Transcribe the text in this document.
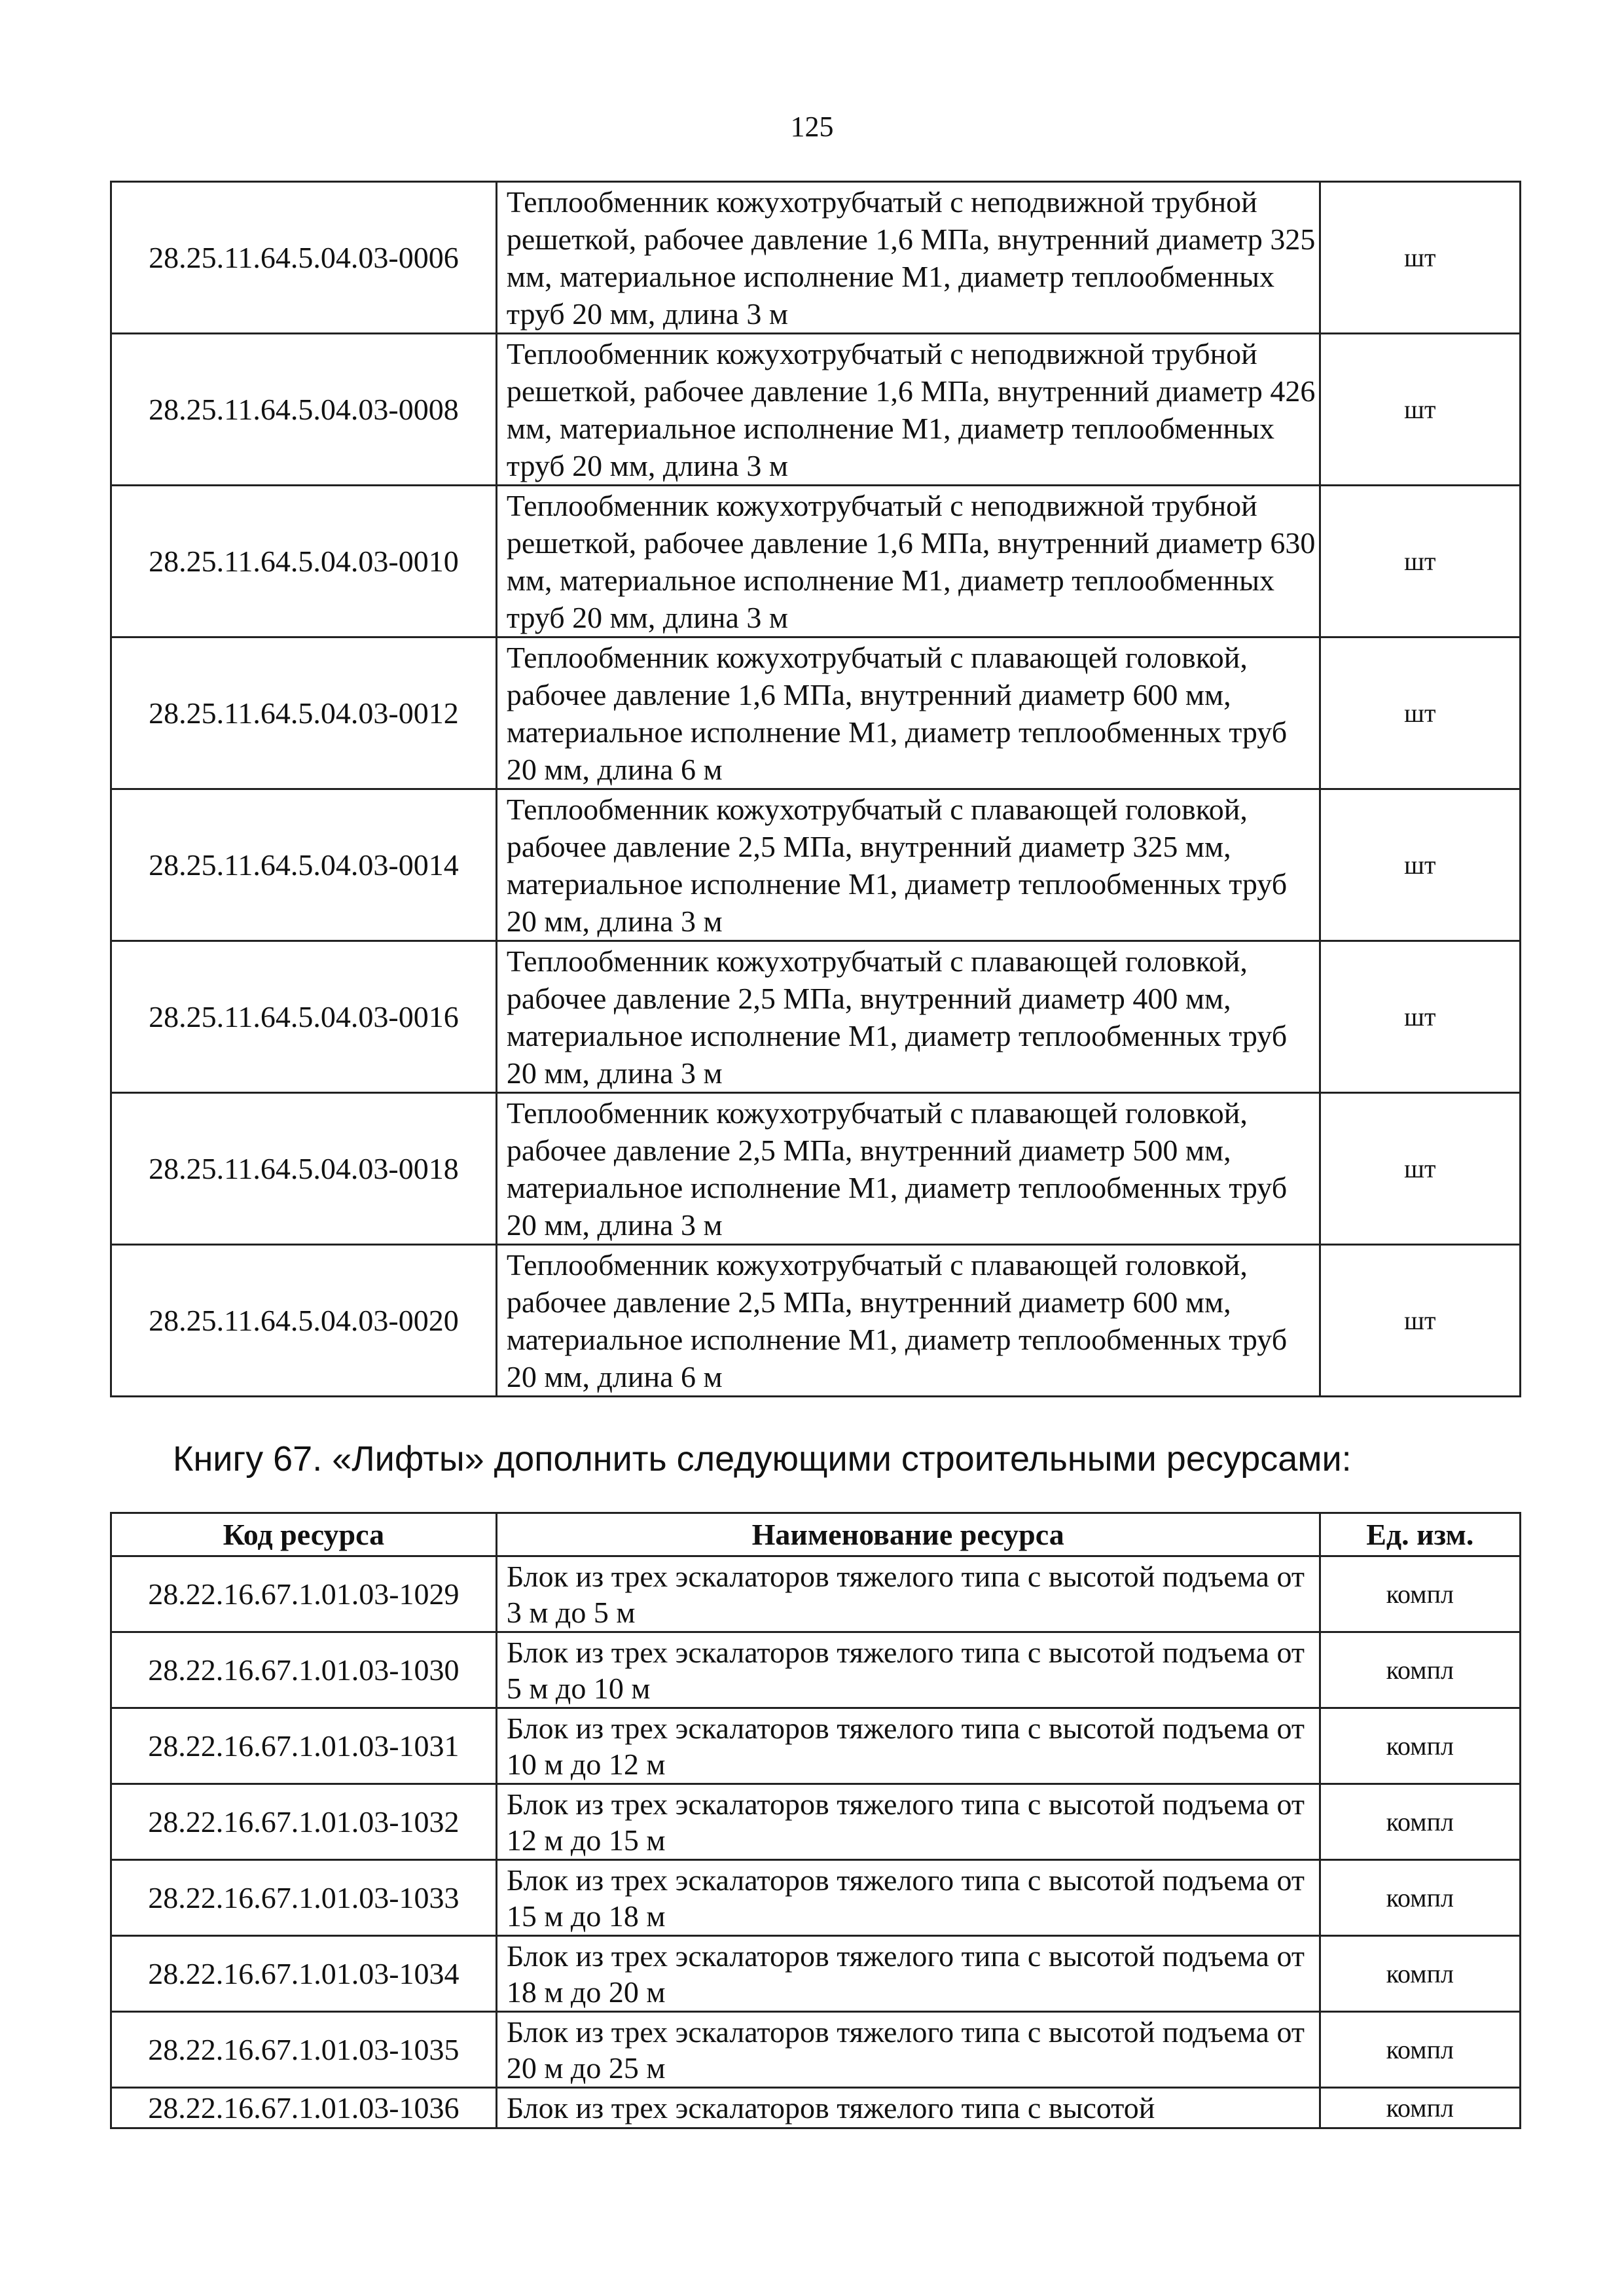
125
28.25.11.64.5.04.03-0006	Теплообменник кожухотрубчатый с неподвижной трубной решеткой, рабочее давление 1,6 МПа, внутренний диаметр 325 мм, материальное исполнение М1, диаметр теплообменных труб 20 мм, длина 3 м	шт
28.25.11.64.5.04.03-0008	Теплообменник кожухотрубчатый с неподвижной трубной решеткой, рабочее давление 1,6 МПа, внутренний диаметр 426 мм, материальное исполнение М1, диаметр теплообменных труб 20 мм, длина 3 м	шт
28.25.11.64.5.04.03-0010	Теплообменник кожухотрубчатый с неподвижной трубной решеткой, рабочее давление 1,6 МПа, внутренний диаметр 630 мм, материальное исполнение М1, диаметр теплообменных труб 20 мм, длина 3 м	шт
28.25.11.64.5.04.03-0012	Теплообменник кожухотрубчатый с плавающей головкой, рабочее давлениe 1,6 МПа, внутренний диаметр 600 мм, материальное исполнение М1, диаметр теплообменных труб 20 мм, длина 6 м	шт
28.25.11.64.5.04.03-0014	Теплообменник кожухотрубчатый с плавающей головкой, рабочее давление 2,5 МПа, внутренний диаметр 325 мм, материальное исполнение М1, диаметр теплообменных труб 20 мм, длина 3 м	шт
28.25.11.64.5.04.03-0016	Теплообменник кожухотрубчатый с плавающей головкой, рабочее давление 2,5 МПа, внутренний диаметр 400 мм, материальное исполнение М1, диаметр теплообменных труб 20 мм, длина 3 м	шт
28.25.11.64.5.04.03-0018	Теплообменник кожухотрубчатый с плавающей головкой, рабочее давление 2,5 МПа, внутренний диаметр 500 мм, материальное исполнение М1, диаметр теплообменных труб 20 мм, длина 3 м	шт
28.25.11.64.5.04.03-0020	Теплообменник кожухотрубчатый с плавающей головкой, рабочее давление 2,5 МПа, внутренний диаметр 600 мм, материальное исполнение М1, диаметр теплообменных труб 20 мм, длина 6 м	шт
Книгу 67. «Лифты» дополнить следующими строительными ресурсами:
Код ресурса	Наименование ресурса	Ед. изм.
28.22.16.67.1.01.03-1029	Блок из трех эскалаторов тяжелого типа с высотой подъема от 3 м до 5 м	компл
28.22.16.67.1.01.03-1030	Блок из трех эскалаторов тяжелого типа с высотой подъема от 5 м до 10 м	компл
28.22.16.67.1.01.03-1031	Блок из трех эскалаторов тяжелого типа с высотой подъема от 10 м до 12 м	компл
28.22.16.67.1.01.03-1032	Блок из трех эскалаторов тяжелого типа с высотой подъема от 12 м до 15 м	компл
28.22.16.67.1.01.03-1033	Блок из трех эскалаторов тяжелого типа с высотой подъема от 15 м до 18 м	компл
28.22.16.67.1.01.03-1034	Блок из трех эскалаторов тяжелого типа с высотой подъема от 18 м до 20 м	компл
28.22.16.67.1.01.03-1035	Блок из трех эскалаторов тяжелого типа с высотой подъема от 20 м до 25 м	компл
28.22.16.67.1.01.03-1036	Блок из трех эскалаторов тяжелого типа с высотой	компл
